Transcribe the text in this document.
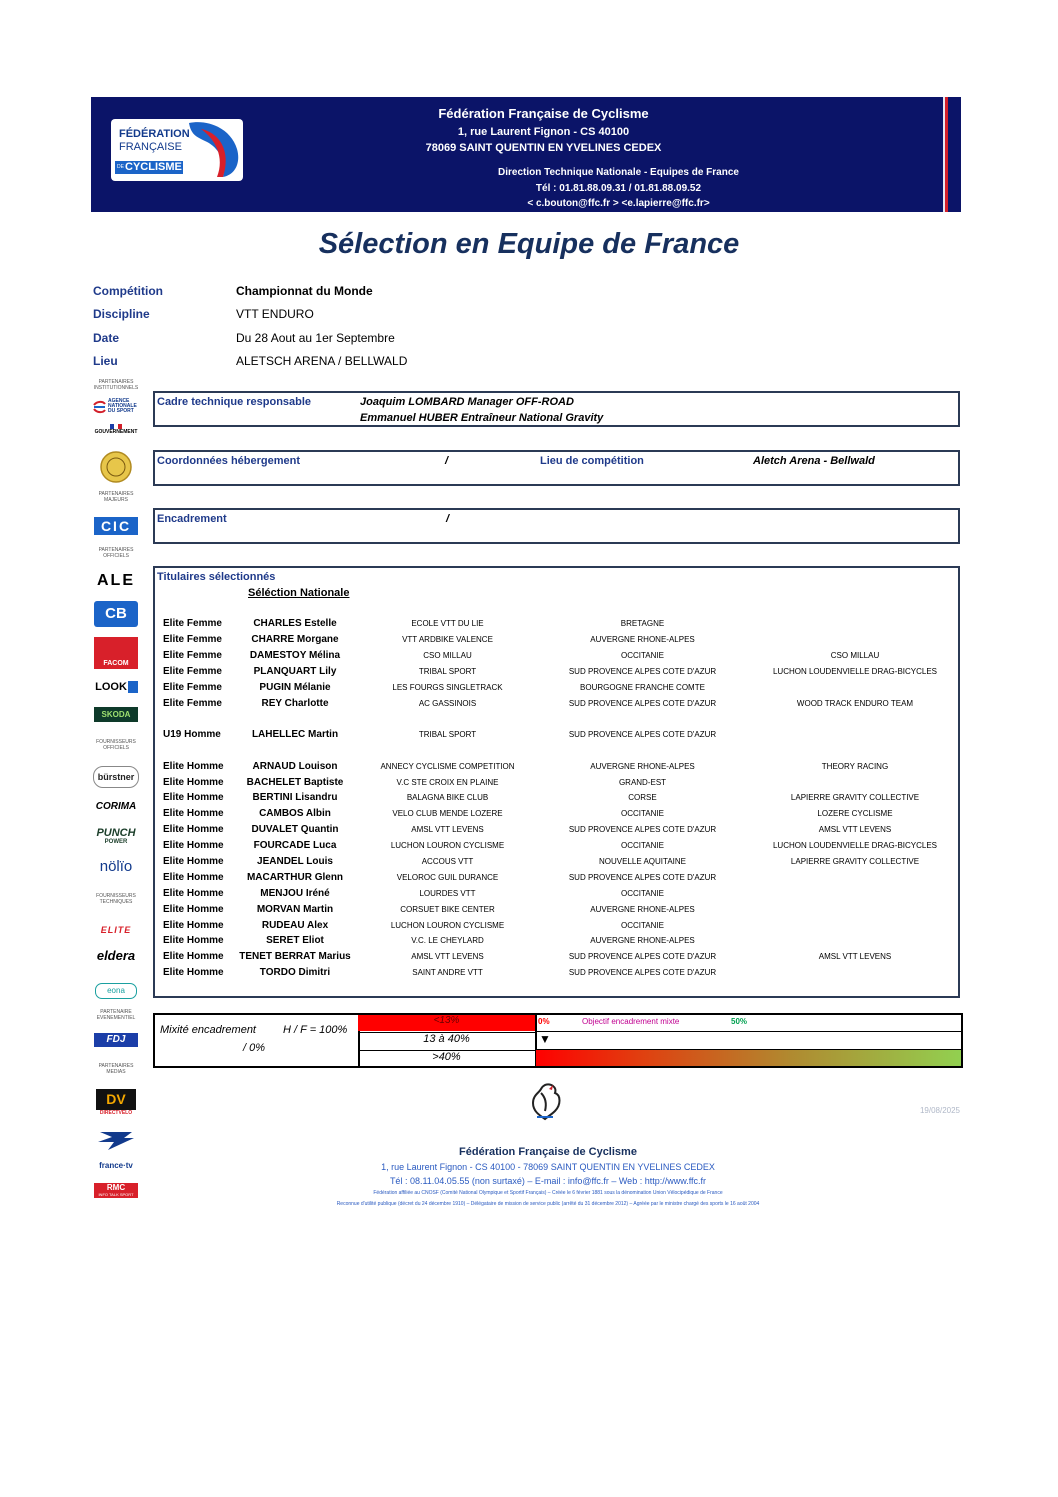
FÉDÉRATION
FRANÇAISE
DE CYCLISME
Fédération Française de Cyclisme
1, rue Laurent Fignon - CS 40100
78069 SAINT QUENTIN EN YVELINES CEDEX
Direction Technique Nationale - Equipes de France
Tél : 01.81.88.09.31 / 01.81.88.09.52
< c.bouton@ffc.fr > <e.lapierre@ffc.fr>
Sélection en Equipe de France
Compétition	Championnat du Monde
Discipline	VTT ENDURO
Date	Du 28 Aout au 1er Septembre
Lieu	ALETSCH ARENA / BELLWALD
Cadre technique responsable	Joaquim LOMBARD Manager OFF-ROAD
Emmanuel HUBER Entraîneur National Gravity
Coordonnées hébergement	/	Lieu de compétition	Aletch Arena - Bellwald
Encadrement	/
Titulaires sélectionnés
Séléction Nationale
Elite Femme	CHARLES Estelle	ECOLE VTT DU LIE	BRETAGNE
Elite Femme	CHARRE Morgane	VTT ARDBIKE VALENCE	AUVERGNE RHONE-ALPES
Elite Femme	DAMESTOY Mélina	CSO MILLAU	OCCITANIE	CSO MILLAU
Elite Femme	PLANQUART Lily	TRIBAL SPORT	SUD PROVENCE ALPES COTE D'AZUR	LUCHON LOUDENVIELLE DRAG-BICYCLES
Elite Femme	PUGIN Mélanie	LES FOURGS SINGLETRACK	BOURGOGNE FRANCHE COMTE
Elite Femme	REY Charlotte	AC GASSINOIS	SUD PROVENCE ALPES COTE D'AZUR	WOOD TRACK ENDURO TEAM
U19 Homme	LAHELLEC Martin	TRIBAL SPORT	SUD PROVENCE ALPES COTE D'AZUR
Elite Homme	ARNAUD Louison	ANNECY CYCLISME COMPETITION	AUVERGNE RHONE-ALPES	THEORY RACING
Elite Homme	BACHELET Baptiste	V.C STE CROIX EN PLAINE	GRAND-EST
Elite Homme	BERTINI Lisandru	BALAGNA BIKE CLUB	CORSE	LAPIERRE GRAVITY COLLECTIVE
Elite Homme	CAMBOS Albin	VELO CLUB MENDE LOZERE	OCCITANIE	LOZERE CYCLISME
Elite Homme	DUVALET Quantin	AMSL VTT LEVENS	SUD PROVENCE ALPES COTE D'AZUR	AMSL VTT LEVENS
Elite Homme	FOURCADE Luca	LUCHON LOURON CYCLISME	OCCITANIE	LUCHON LOUDENVIELLE DRAG-BICYCLES
Elite Homme	JEANDEL Louis	ACCOUS VTT	NOUVELLE AQUITAINE	LAPIERRE GRAVITY COLLECTIVE
Elite Homme	MACARTHUR Glenn	VELOROC GUIL DURANCE	SUD PROVENCE ALPES COTE D'AZUR
Elite Homme	MENJOU Iréné	LOURDES VTT	OCCITANIE
Elite Homme	MORVAN Martin	CORSUET BIKE CENTER	AUVERGNE RHONE-ALPES
Elite Homme	RUDEAU Alex	LUCHON LOURON CYCLISME	OCCITANIE
Elite Homme	SERET Eliot	V.C. LE CHEYLARD	AUVERGNE RHONE-ALPES
Elite Homme	TENET BERRAT Marius	AMSL VTT LEVENS	SUD PROVENCE ALPES COTE D'AZUR	AMSL VTT LEVENS
Elite Homme	TORDO Dimitri	SAINT ANDRE VTT	SUD PROVENCE ALPES COTE D'AZUR
Mixité encadrement H / F = 100%
/ 0%
<13%
13 à 40%
>40%
0%	Objectif encadrement mixte	50%
▼
19/08/2025
Fédération Française de Cyclisme
1, rue Laurent Fignon - CS 40100 - 78069 SAINT QUENTIN EN YVELINES CEDEX
Tél : 08.11.04.05.55 (non surtaxé) – E-mail : info@ffc.fr – Web : http://www.ffc.fr
Fédération affiliée au CNOSF (Comité National Olympique et Sportif Français) – Créée le 6 février 1881 sous la dénomination Union Vélocipédique de France
Reconnue d'utilité publique (décret du 24 décembre 1910) – Délégataire de mission de service public (arrêté du 31 décembre 2012) – Agréée par le ministre chargé des sports le 16 août 2004
PARTENAIRES INSTITUTIONNELS
AGENCE
NATIONALE
DU SPORT
GOUVERNEMENT
PARTENAIRES MAJEURS
CIC
PARTENAIRES OFFICIELS
ALE
CB
FACOM
LOOK
SKODA
FOURNISSEURS OFFICIELS
bürstner
CORIMA
PUNCH
POWER
nölïo
FOURNISSEURS TECHNIQUES
ELITE
eldera
eona
PARTENAIRE EVENEMENTIEL
FDJ
PARTENAIRES MEDIAS
DV
DIRECTVELO
france·tv
RMC
INFO TALK SPORT
